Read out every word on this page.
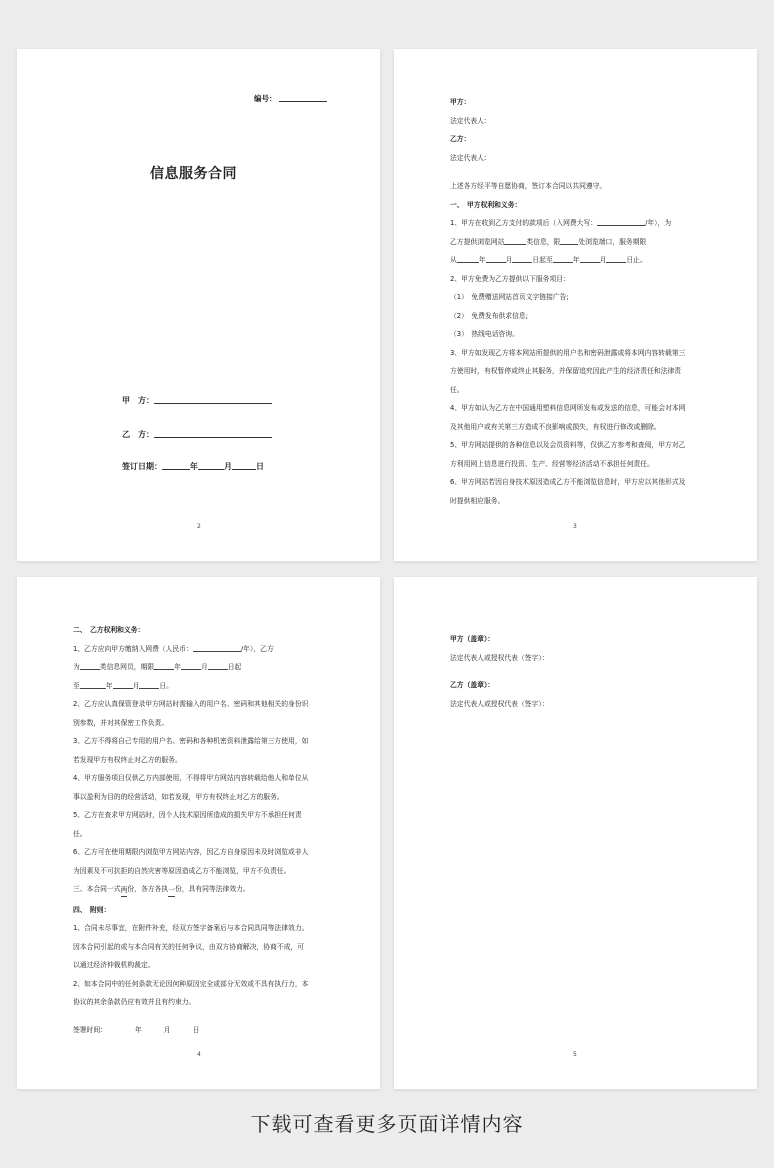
编号：
信息服务合同
甲　方：
乙　方：
签订日期：	年	月	日
2

甲方：

法定代表人:

乙方：

法定代表人:

上述各方经平等自愿协商，签订本合同以共同遵守。

一、　甲方权利和义务：

1、甲方在收到乙方支付的款项后（入网费大写：	/年），为

乙方提供浏览网站	类信息，限	处浏览端口，服务期限

从	年	月	日起至	年	月	日止。

2、甲方免费为乙方提供以下服务项目：

（1）　免费赠送网站首页文字链接广告;

（2）　免费发布供求信息;

（3）　热线电话咨询。

3、甲方如发现乙方将本网站所提供的用户名和密码泄露或将本网内容转载第三

方使用时，有权暂停或终止其服务，并保留追究因此产生的经济责任和法律责

任。

4、甲方如认为乙方在中国通用塑料信息网所发布或发送的信息，可能会对本网

及其他用户或有关第三方造成不良影响或损失，有权进行修改或删除。

5、甲方网站提供的各种信息以及会员资料等，仅供乙方参考和查阅，甲方对乙

方利用网上信息进行投资、生产、经营等经济活动不承担任何责任。

6、甲方网站若因自身技术原因造成乙方不能浏览信息时，甲方应以其他形式及

时提供相应服务。

3

二、　乙方权利和义务：

1、乙方应向甲方缴纳入网费（人民币：	/年），乙方

为	类信息网员，期限	年	月	日起

至	年	月	日。

2、乙方应认真保管登录甲方网站时需输入的用户名、密码和其他相关的身份识

别参数，并对其保密工作负责。

3、乙方不得将自己专用的用户名、密码和各种机密资料泄露给第三方使用，如

若发现甲方有权终止对乙方的服务。

4、甲方服务项目仅供乙方内部使用，不得将甲方网站内容转载给他人和单位从

事以盈利为目的的经营活动，如若发现，甲方有权终止对乙方的服务。

5、乙方在查求甲方网站时，因个人技术原因所造成的损失甲方不承担任何责

任。

6、乙方可在使用期限内浏览甲方网站内容，因乙方自身原因未及时浏览或非人

为因素及不可抗拒的自然灾害等原因造成乙方不能浏览，甲方不负责任。

三、本合同一式两份，各方各执一份，具有同等法律效力。

四、　附则：

1、合同未尽事宜，在附件补充，经双方签字备案后与本合同具同等法律效力。

因本合同引起的或与本合同有关的任何争议，由双方协商解决，协商不成，可

以通过经济仲裁机构裁定。

2、如本合同中的任何条款无论因何种原因完全或部分无效或不具有执行力，本

协议的其余条款仍应有效并且有约束力。

签署时间：	年	月	日

4

甲方（盖章）：

法定代表人或授权代表（签字）：

乙方（盖章）：

法定代表人或授权代表（签字）：

5
下载可查看更多页面详情内容
